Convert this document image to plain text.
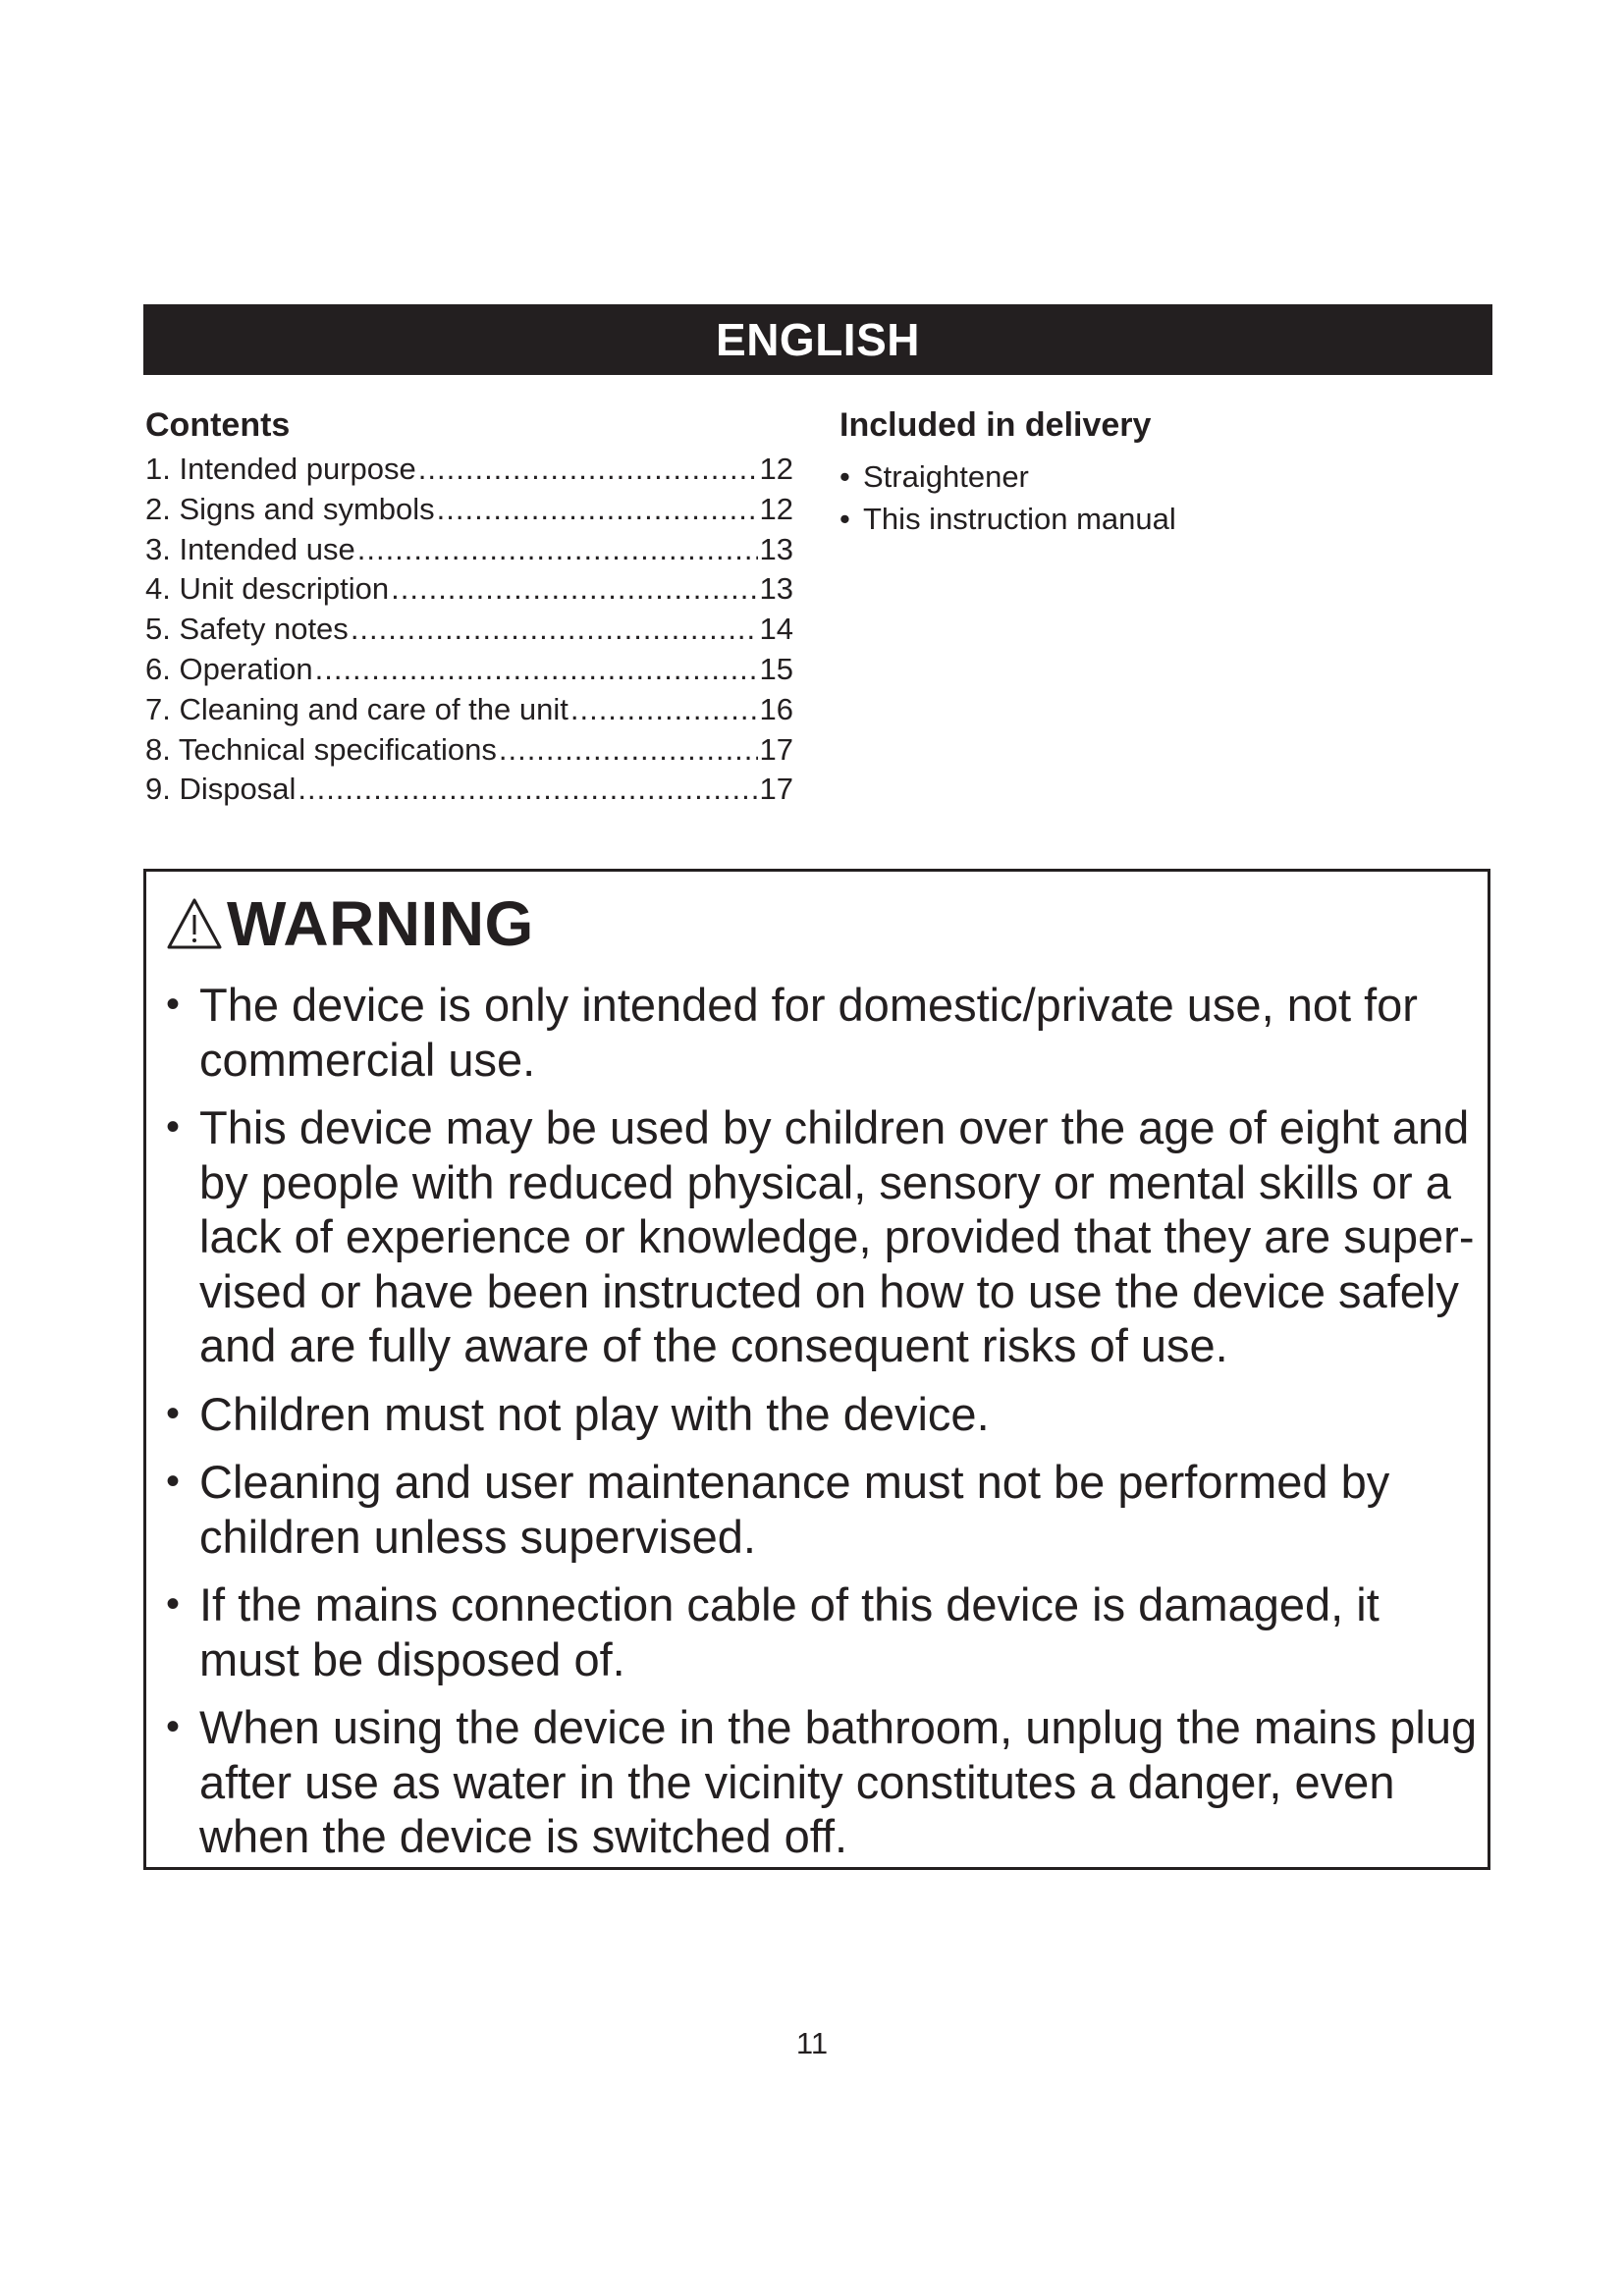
ENGLISH
Contents
1. Intended purpose .....	12
2. Signs and symbols .....	12
3. Intended use .....	13
4. Unit description .....	13
5. Safety notes .....	14
6. Operation .....	15
7. Cleaning and care of the unit .....	16
8. Technical specifications .....	17
9. Disposal .....	17
Included in delivery
• Straightener
• This instruction manual
WARNING
• The device is only intended for domestic/private use, not for commercial use.
• This device may be used by children over the age of eight and by people with reduced physical, sensory or mental skills or a lack of experience or knowledge, provided that they are super-vised or have been instructed on how to use the device safely and are fully aware of the consequent risks of use.
• Children must not play with the device.
• Cleaning and user maintenance must not be performed by children unless supervised.
• If the mains connection cable of this device is damaged, it must be disposed of.
• When using the device in the bathroom, unplug the mains plug after use as water in the vicinity constitutes a danger, even when the device is switched off.
11
